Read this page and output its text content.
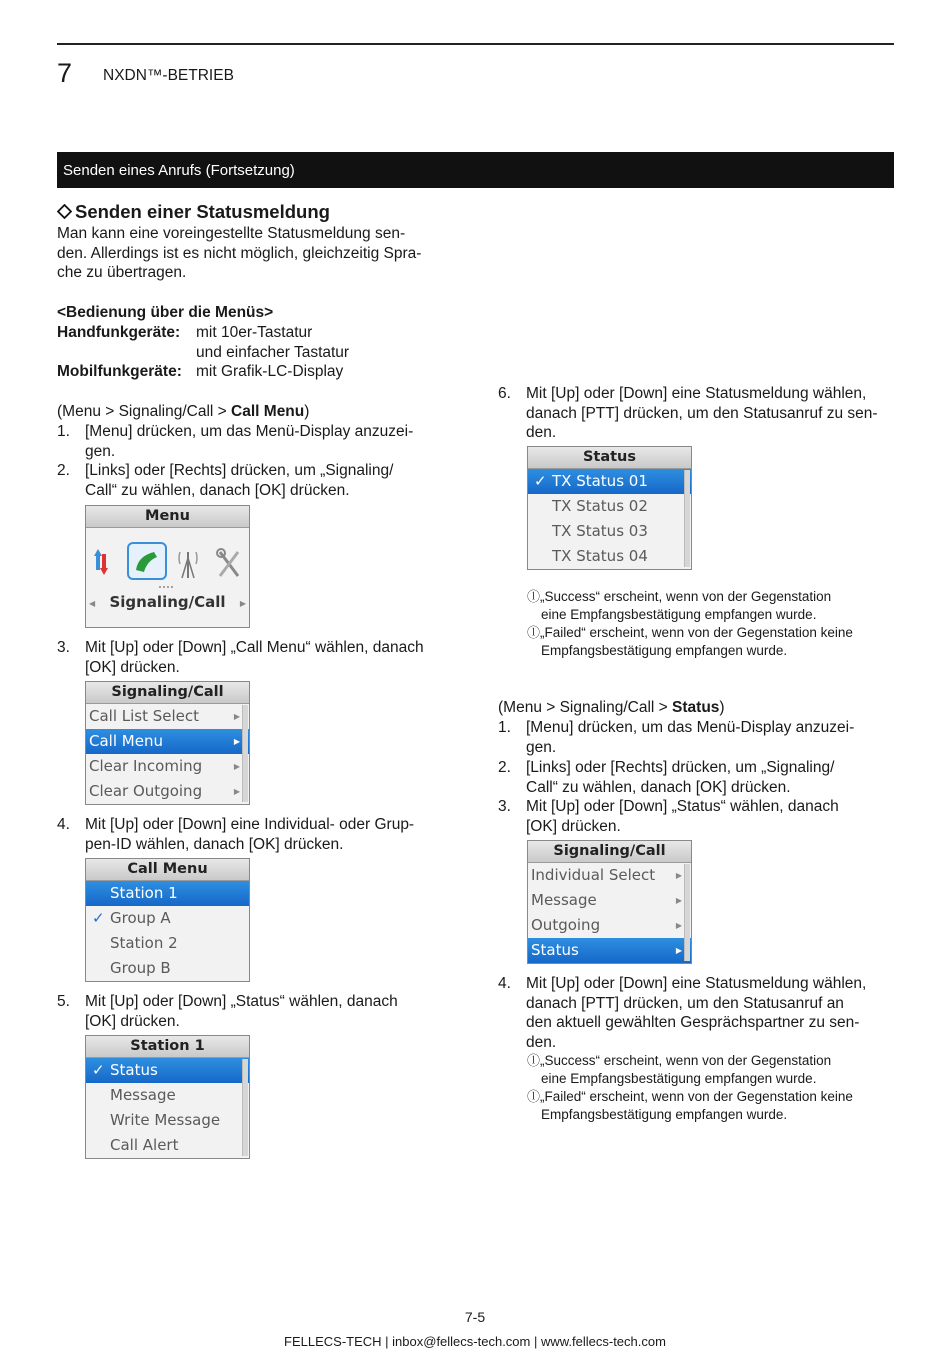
7 NXDN™-BETRIEB
Senden eines Anrufs (Fortsetzung)
Senden einer Statusmeldung
Man kann eine voreingestellte Statusmeldung sen-
den. Allerdings ist es nicht möglich, gleichzeitig Spra-
che zu übertragen.
<Bedienung über die Menüs>
Handfunkgeräte: mit 10er-Tastatur
und einfacher Tastatur
Mobilfunkgeräte: mit Grafik-LC-Display
(Menu > Signaling/Call > Call Menu)
1. [Menu] drücken, um das Menü-Display anzuzei-
gen.
2. [Links] oder [Rechts] drücken, um „Signaling/
Call“ zu wählen, danach [OK] drücken.
Menu
◀ Signaling/Call	▶
3. Mit [Up] oder [Down] „Call Menu“ wählen, danach
[OK] drücken.
Signaling/Call
Call List Select	▶
Call Menu	▶
Clear Incoming	▶
Clear Outgoing	▶
4. Mit [Up] oder [Down] eine Individual- oder Grup-
pen-ID wählen, danach [OK] drücken.
Call Menu
Station 1
✓ Group A
Station 2
Group B
5. Mit [Up] oder [Down] „Status“ wählen, danach
[OK] drücken.
Station 1
✓ Status
Message
Write Message
Call Alert
6. Mit [Up] oder [Down] eine Statusmeldung wählen,
danach [PTT] drücken, um den Statusanruf zu sen-
den.
Status
✓ TX Status 01
TX Status 02
TX Status 03
TX Status 04
ⓛ„Success“ erscheint, wenn von der Gegenstation
eine Empfangsbestätigung empfangen wurde.
ⓛ„Failed“ erscheint, wenn von der Gegenstation keine
Empfangsbestätigung empfangen wurde.
(Menu > Signaling/Call > Status)
1. [Menu] drücken, um das Menü-Display anzuzei-
gen.
2. [Links] oder [Rechts] drücken, um „Signaling/
Call“ zu wählen, danach [OK] drücken.
3. Mit [Up] oder [Down] „Status“ wählen, danach
[OK] drücken.
Signaling/Call
Individual Select	▶
Message	▶
Outgoing	▶
Status	▶
4. Mit [Up] oder [Down] eine Statusmeldung wählen,
danach [PTT] drücken, um den Statusanruf an
den aktuell gewählten Gesprächspartner zu sen-
den.
ⓛ„Success“ erscheint, wenn von der Gegenstation
eine Empfangsbestätigung empfangen wurde.
ⓛ„Failed“ erscheint, wenn von der Gegenstation keine
Empfangsbestätigung empfangen wurde.
7-5
FELLECS-TECH | inbox@fellecs-tech.com | www.fellecs-tech.com
